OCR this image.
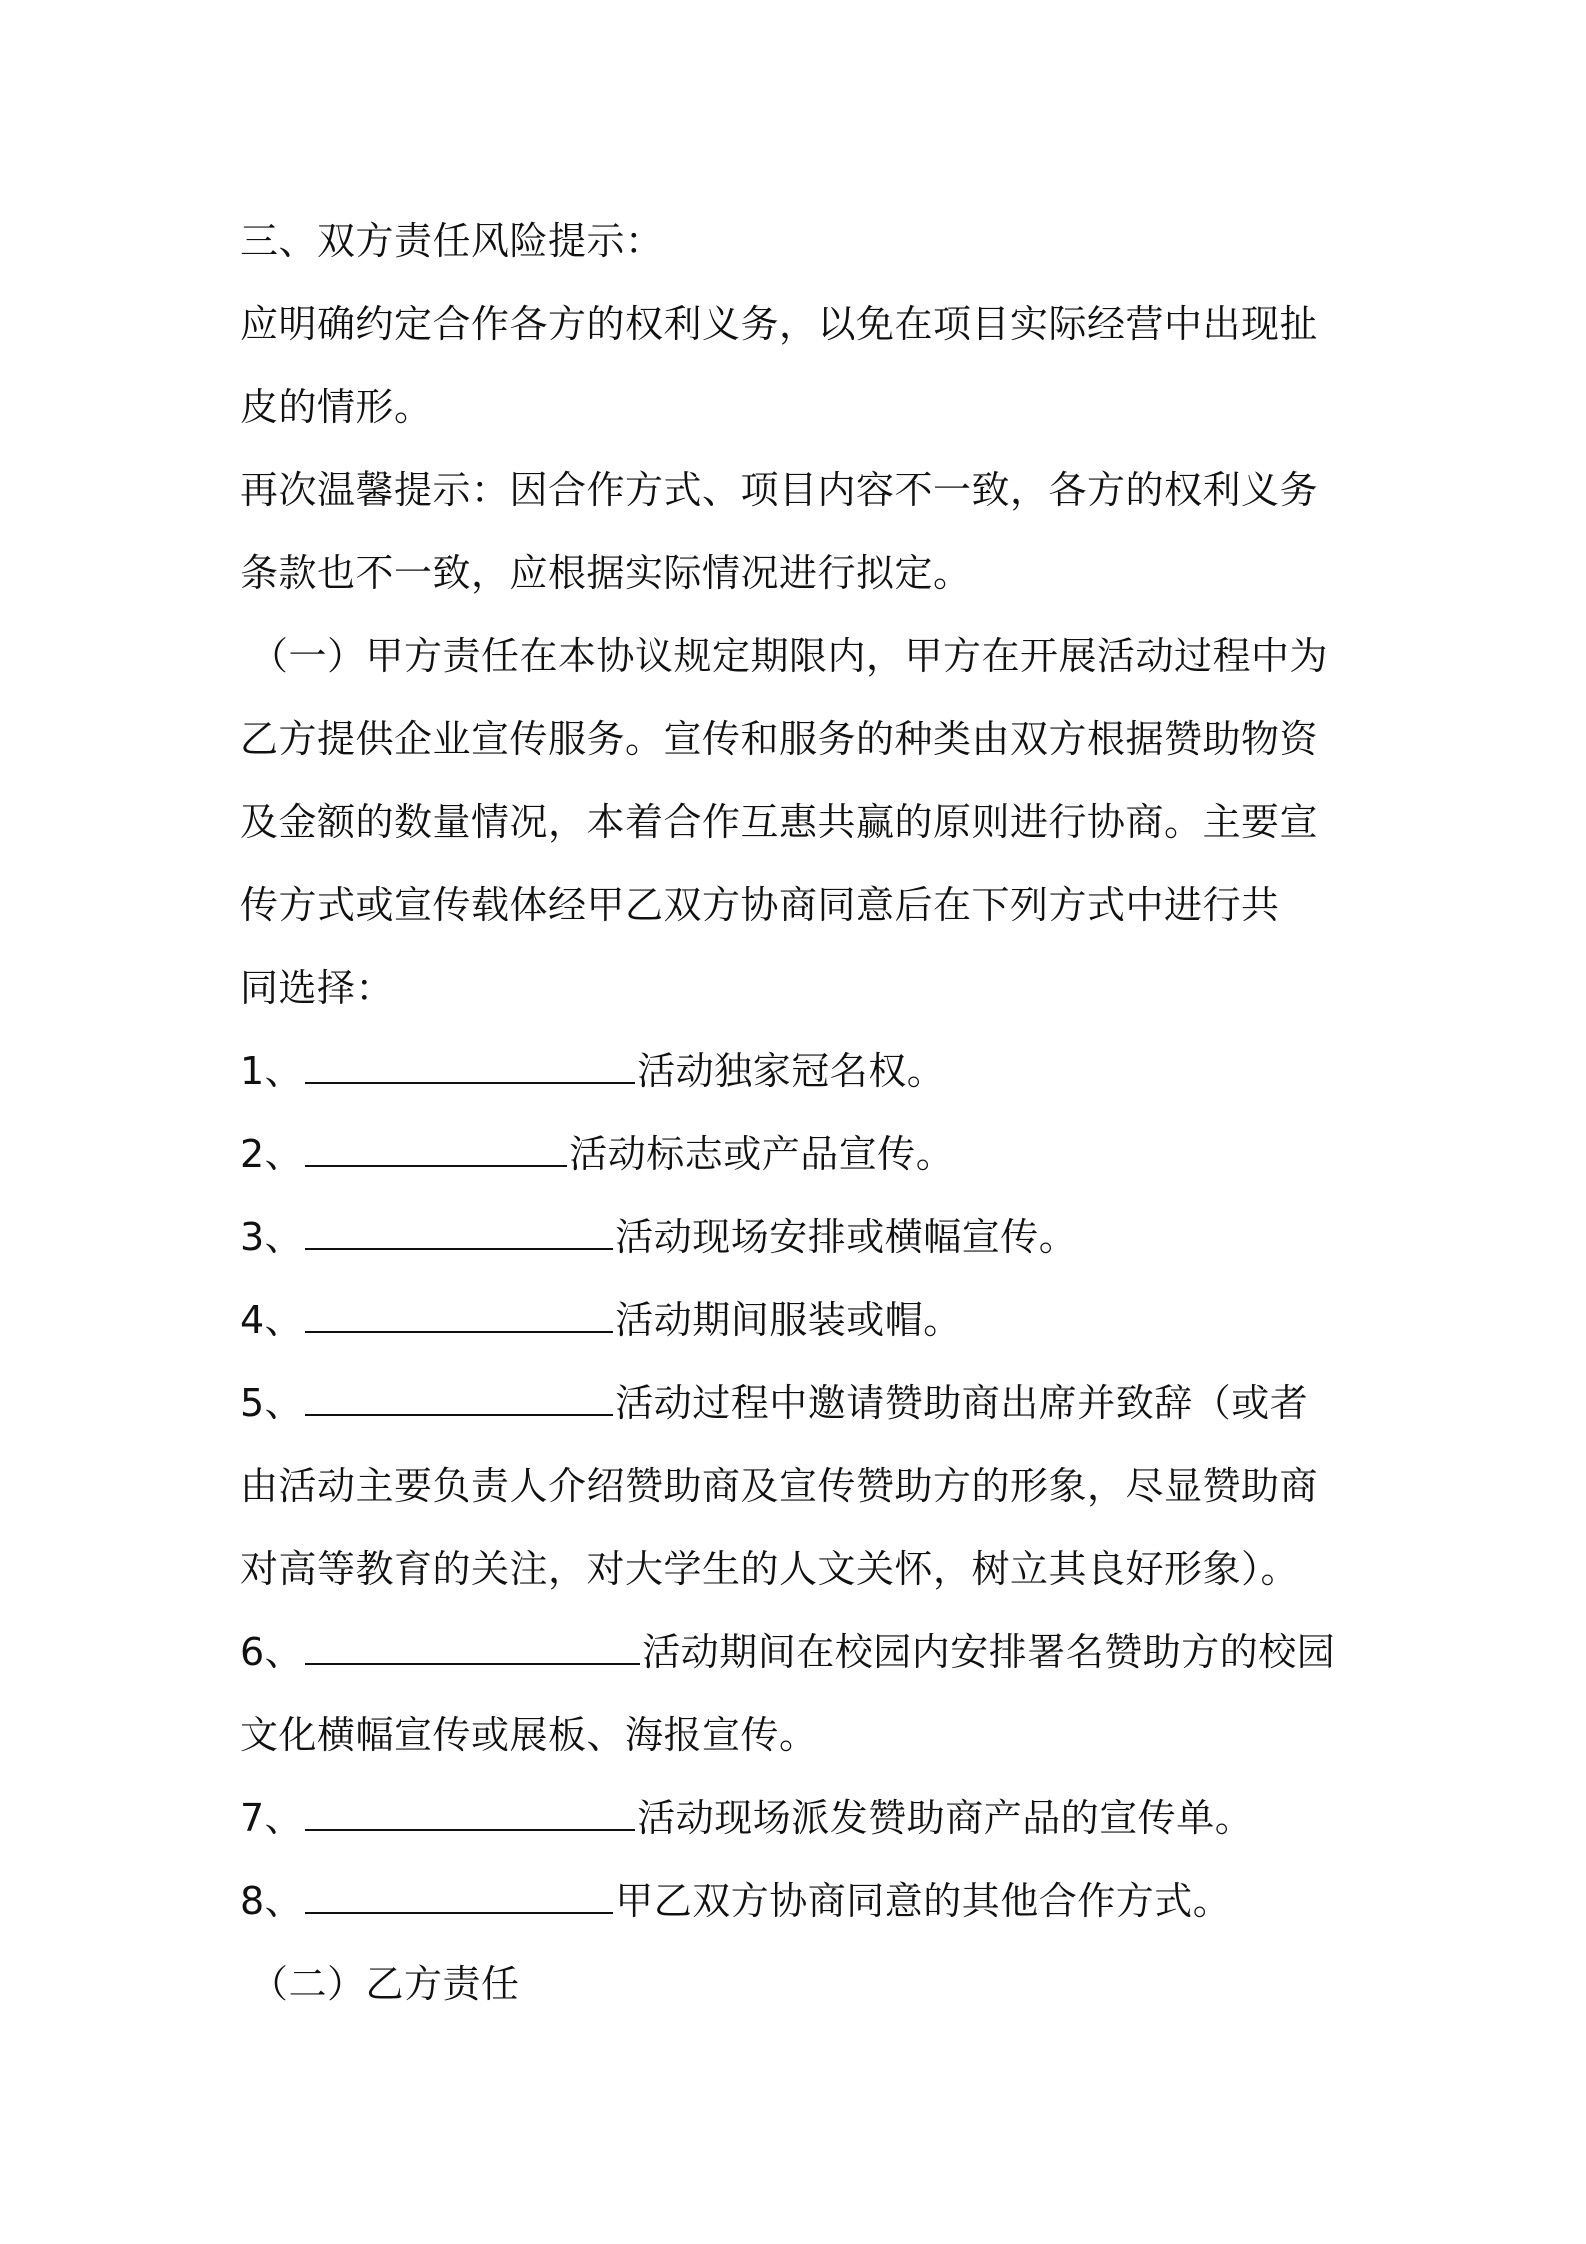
三、双方责任风险提示：
应明确约定合作各方的权利义务，以免在项目实际经营中出现扯
皮的情形。
再次温馨提示：因合作方式、项目内容不一致，各方的权利义务
条款也不一致，应根据实际情况进行拟定。
（一）甲方责任在本协议规定期限内，甲方在开展活动过程中为
乙方提供企业宣传服务。宣传和服务的种类由双方根据赞助物资
及金额的数量情况，本着合作互惠共赢的原则进行协商。主要宣
传方式或宣传载体经甲乙双方协商同意后在下列方式中进行共
同选择：
1、	活动独家冠名权。
2、	活动标志或产品宣传。
3、	活动现场安排或横幅宣传。
4、	活动期间服装或帽。
5、	活动过程中邀请赞助商出席并致辞（或者
由活动主要负责人介绍赞助商及宣传赞助方的形象，尽显赞助商
对高等教育的关注，对大学生的人文关怀，树立其良好形象）。
6、	活动期间在校园内安排署名赞助方的校园
文化横幅宣传或展板、海报宣传。
7、	活动现场派发赞助商产品的宣传单。
8、	甲乙双方协商同意的其他合作方式。
（二）乙方责任
